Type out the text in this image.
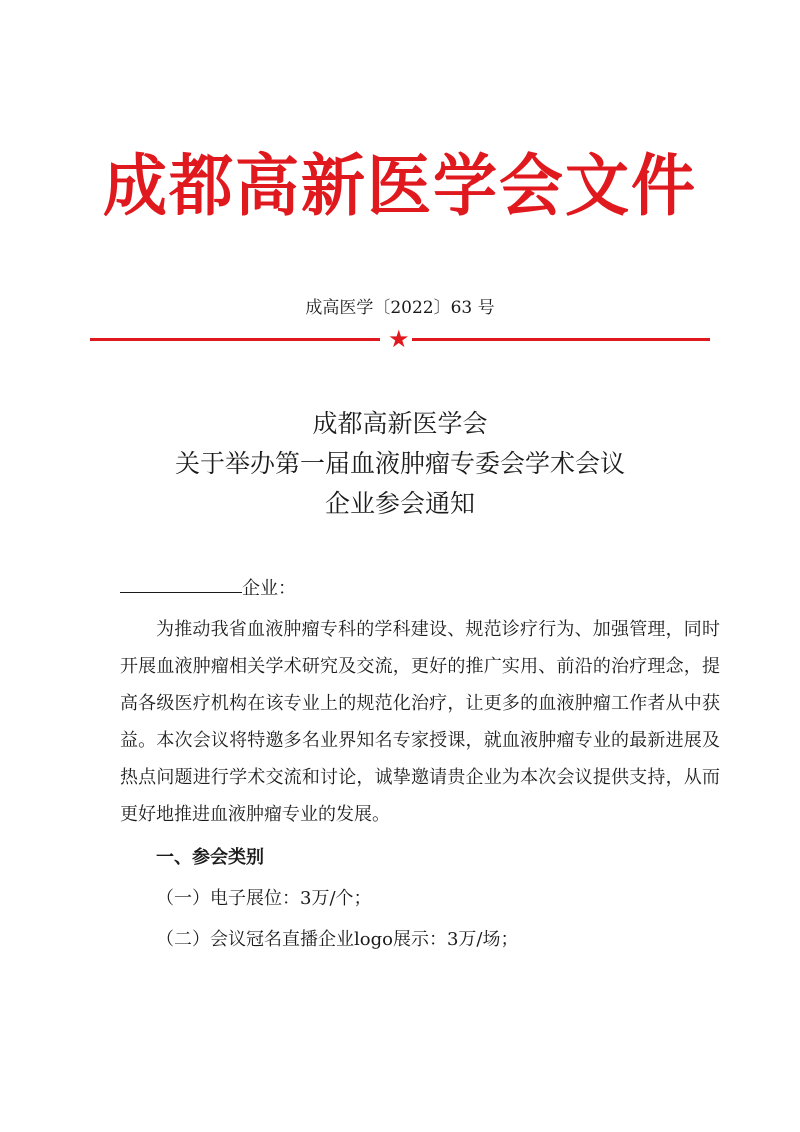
成都高新医学会文件
成高医学〔2022〕63 号
★
成都高新医学会
关于举办第一届血液肿瘤专委会学术会议
企业参会通知
企业：
为推动我省血液肿瘤专科的学科建设、规范诊疗行为、加强管理，同时开展血液肿瘤相关学术研究及交流，更好的推广实用、前沿的治疗理念，提高各级医疗机构在该专业上的规范化治疗，让更多的血液肿瘤工作者从中获益。本次会议将特邀多名业界知名专家授课，就血液肿瘤专业的最新进展及热点问题进行学术交流和讨论，诚挚邀请贵企业为本次会议提供支持，从而更好地推进血液肿瘤专业的发展。
一、参会类别
（一）电子展位：3万/个；
（二）会议冠名直播企业logo展示：3万/场；
